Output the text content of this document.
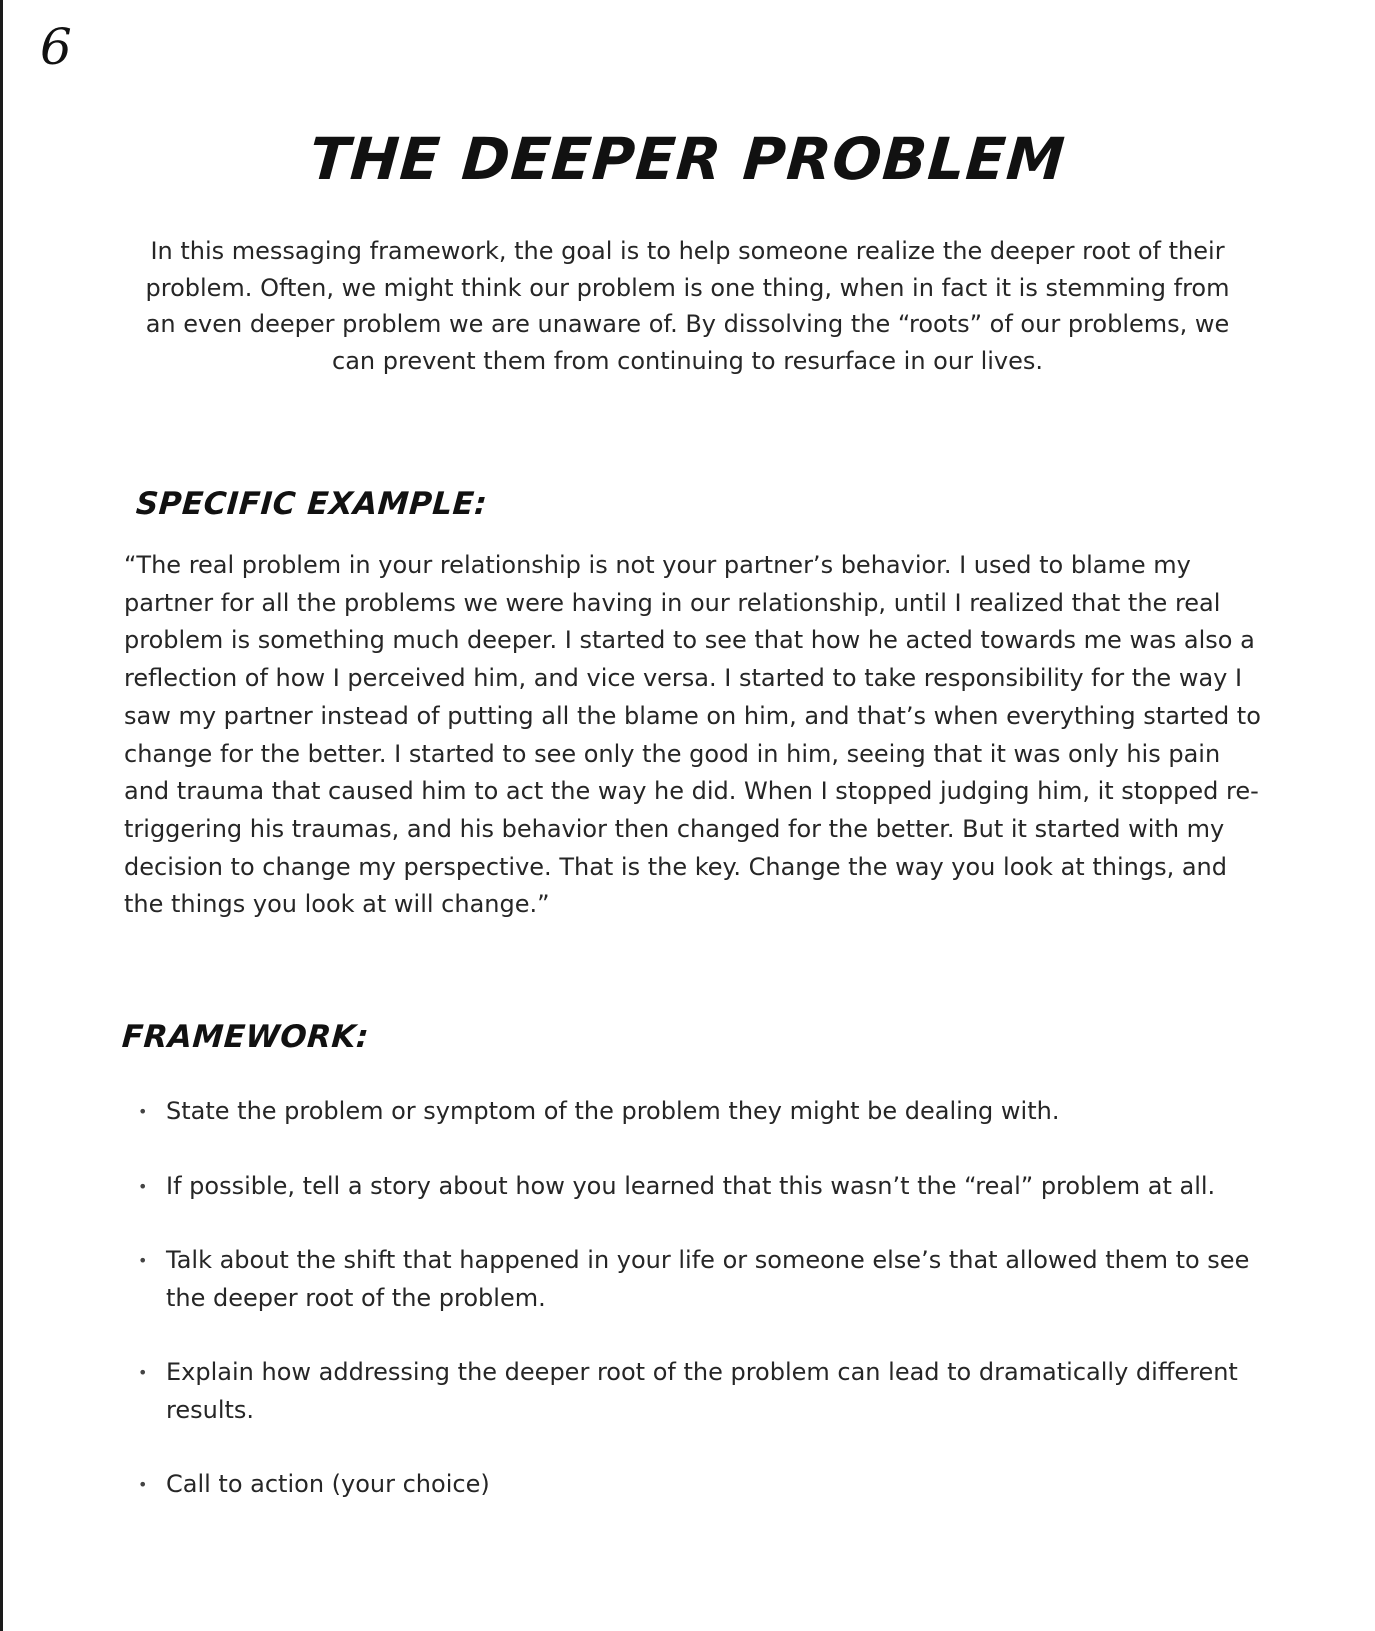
6
THE DEEPER PROBLEM

In this messaging framework, the goal is to help someone realize the deeper root of their problem. Often, we might think our problem is one thing, when in fact it is stemming from an even deeper problem we are unaware of. By dissolving the “roots” of our problems, we can prevent them from continuing to resurface in our lives.

SPECIFIC EXAMPLE:

“The real problem in your relationship is not your partner’s behavior. I used to blame my partner for all the problems we were having in our relationship, until I realized that the real problem is something much deeper. I started to see that how he acted towards me was also a reflection of how I perceived him, and vice versa. I started to take responsibility for the way I saw my partner instead of putting all the blame on him, and that’s when everything started to change for the better. I started to see only the good in him, seeing that it was only his pain and trauma that caused him to act the way he did. When I stopped judging him, it stopped re-triggering his traumas, and his behavior then changed for the better. But it started with my decision to change my perspective. That is the key. Change the way you look at things, and the things you look at will change.”

FRAMEWORK:
• State the problem or symptom of the problem they might be dealing with.
• If possible, tell a story about how you learned that this wasn’t the “real” problem at all.
• Talk about the shift that happened in your life or someone else’s that allowed them to see the deeper root of the problem.
• Explain how addressing the deeper root of the problem can lead to dramatically different results.
• Call to action (your choice)
